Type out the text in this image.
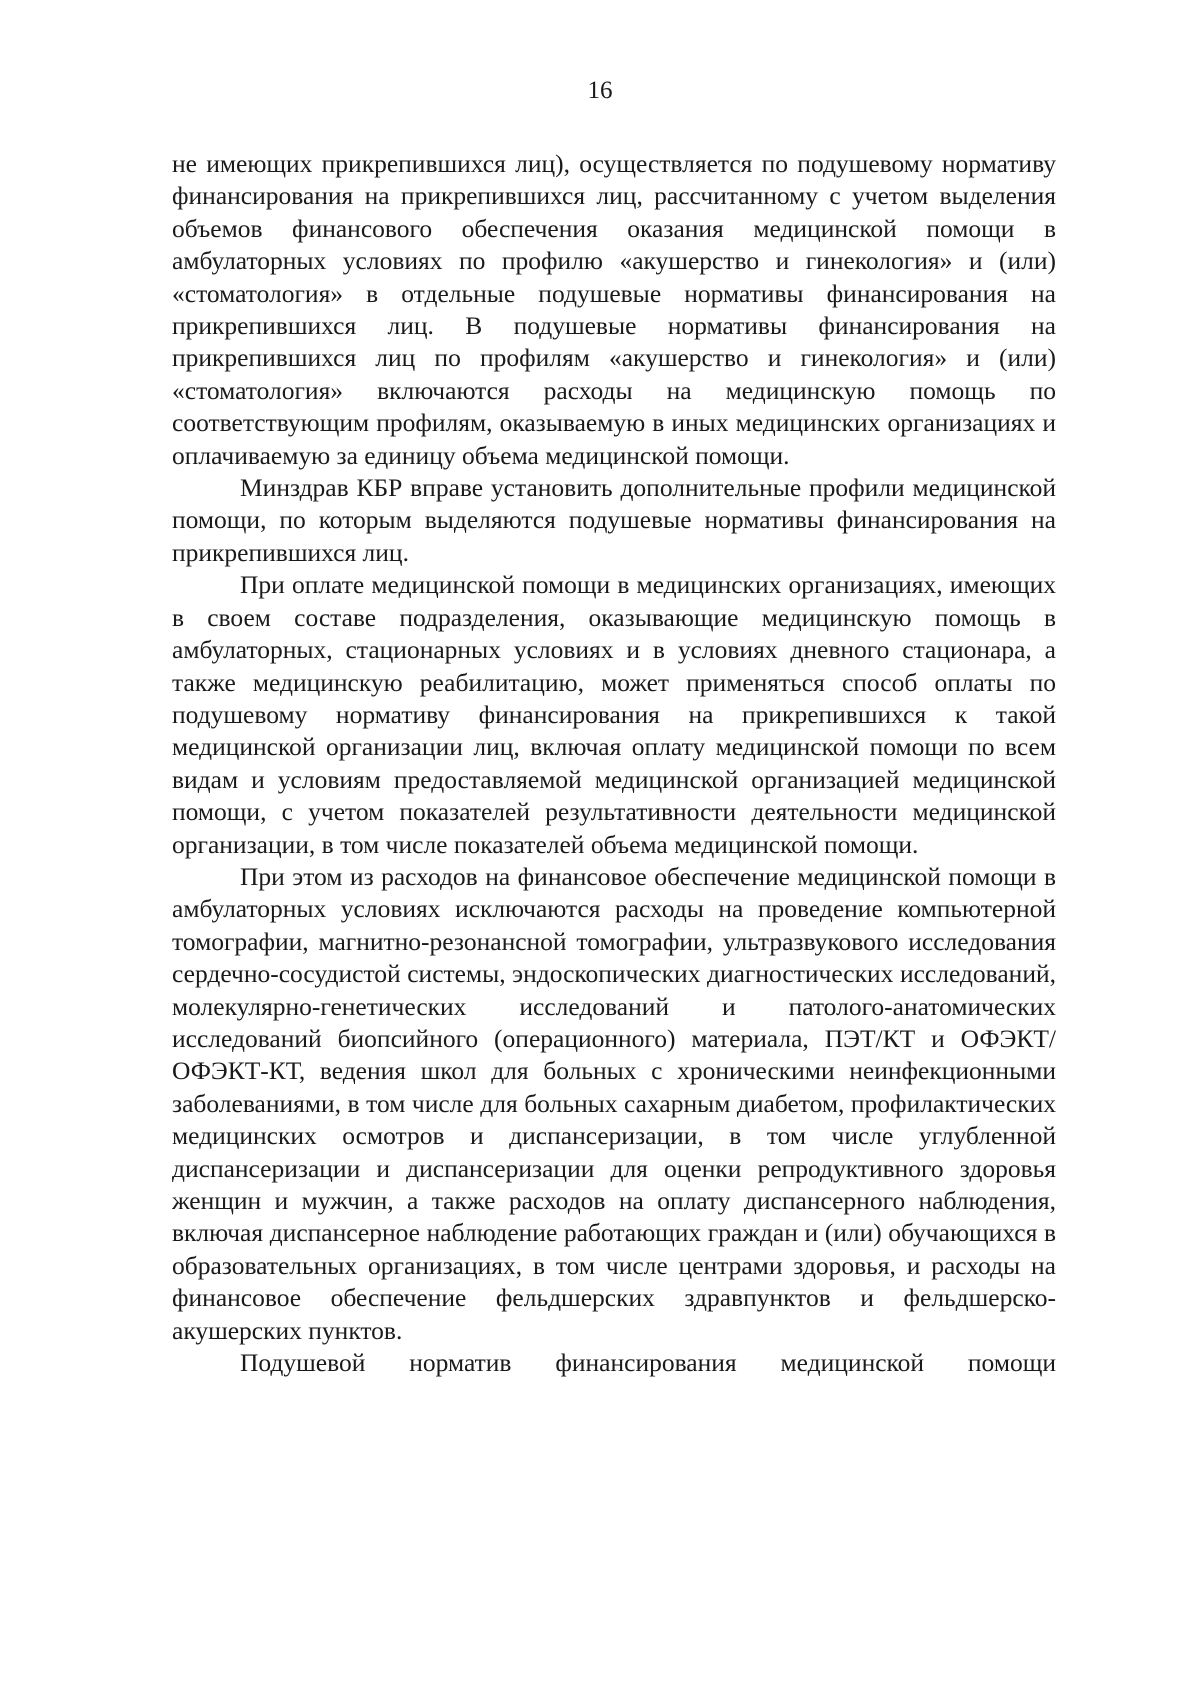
16

не имеющих прикрепившихся лиц), осуществляется по подушевому нормативу финансирования на прикрепившихся лиц, рассчитанному с учетом выделения объемов финансового обеспечения оказания медицинской помощи в амбулаторных условиях по профилю «акушерство и гинекология» и (или) «стоматология» в отдельные подушевые нормативы финансирования на прикрепившихся лиц. В подушевые нормативы финансирования на прикрепившихся лиц по профилям «акушерство и гинекология» и (или) «стоматология» включаются расходы на медицинскую помощь по соответствующим профилям, оказываемую в иных медицинских организациях и оплачиваемую за единицу объема медицинской помощи.

Минздрав КБР вправе установить дополнительные профили медицинской помощи, по которым выделяются подушевые нормативы финансирования на прикрепившихся лиц.

При оплате медицинской помощи в медицинских организациях, имеющих в своем составе подразделения, оказывающие медицинскую помощь в амбулаторных, стационарных условиях и в условиях дневного стационара, а также медицинскую реабилитацию, может применяться способ оплаты по подушевому нормативу финансирования на прикрепившихся к такой медицинской организации лиц, включая оплату медицинской помощи по всем видам и условиям предоставляемой медицинской организацией медицинской помощи, с учетом показателей результативности деятельности медицинской организации, в том числе показателей объема медицинской помощи.

При этом из расходов на финансовое обеспечение медицинской помощи в амбулаторных условиях исключаются расходы на проведение компьютерной томографии, магнитно-резонансной томографии, ультразвукового исследования сердечно-сосудистой системы, эндоскопических диагностических исследований, молекулярно-генетических исследований и патолого-анатомических исследований биопсийного (операционного) материала, ПЭТ/КТ и ОФЭКТ/ОФЭКТ-КТ, ведения школ для больных с хроническими неинфекционными заболеваниями, в том числе для больных сахарным диабетом, профилактических медицинских осмотров и диспансеризации, в том числе углубленной диспансеризации и диспансеризации для оценки репродуктивного здоровья женщин и мужчин, а также расходов на оплату диспансерного наблюдения, включая диспансерное наблюдение работающих граждан и (или) обучающихся в образовательных организациях, в том числе центрами здоровья, и расходы на финансовое обеспечение фельдшерских здравпунктов и фельдшерско-акушерских пунктов.

Подушевой норматив финансирования медицинской помощи
